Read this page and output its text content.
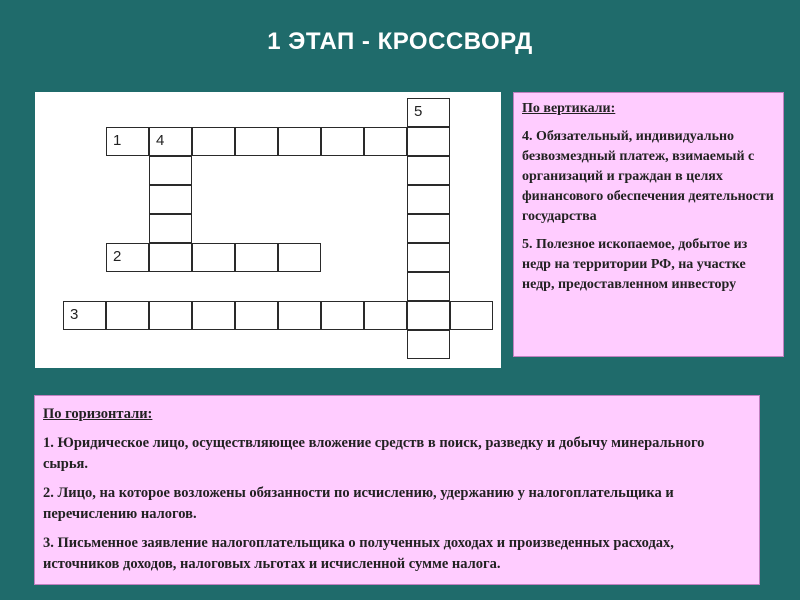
1 ЭТАП - КРОССВОРД
5
1 4
2
3
По вертикали:
4. Обязательный, индивидуально безвозмездный платеж, взимаемый с организаций и граждан в целях финансового обеспечения деятельности государства
5. Полезное ископаемое, добытое из недр на территории РФ, на участке недр, предоставленном инвестору
По горизонтали:
1. Юридическое лицо, осуществляющее вложение средств в поиск, разведку и добычу минерального сырья.
2. Лицо, на которое возложены обязанности по исчислению, удержанию у налогоплательщика и перечислению налогов.
3. Письменное заявление налогоплательщика о полученных доходах и произведенных расходах, источников доходов, налоговых льготах и исчисленной сумме налога.
